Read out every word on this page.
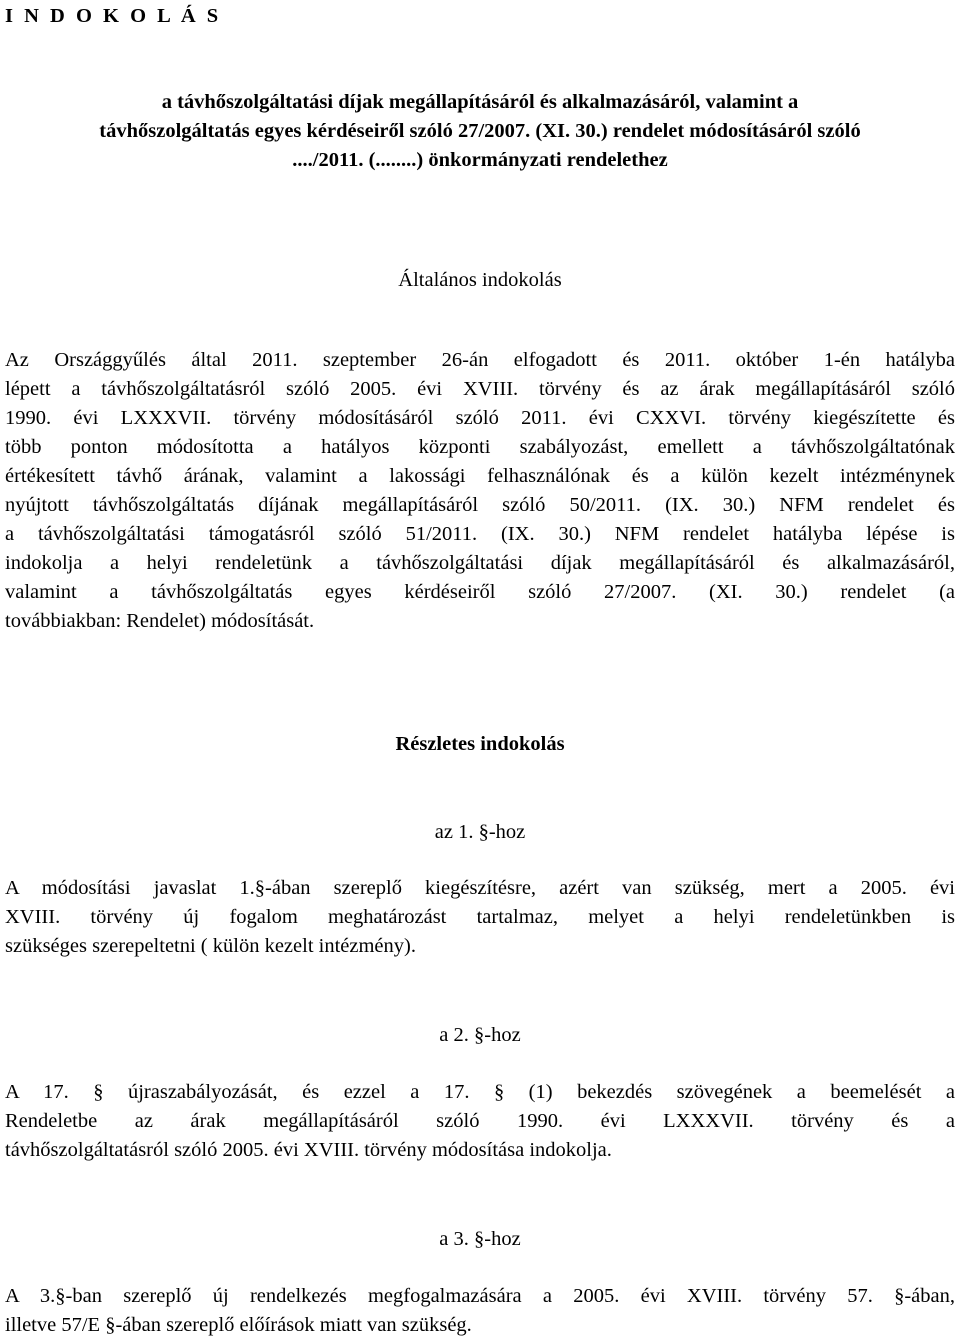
I N D O K O L Á S
a távhőszolgáltatási díjak megállapításáról és alkalmazásáról, valamint a
távhőszolgáltatás egyes kérdéseiről szóló 27/2007. (XI. 30.) rendelet módosításáról szóló
..../2011. (........) önkormányzati rendelethez
Általános indokolás
Az Országgyűlés által 2011. szeptember 26-án elfogadott és 2011. október 1-én hatályba
lépett a távhőszolgáltatásról szóló 2005. évi XVIII. törvény és az árak megállapításáról szóló
1990. évi LXXXVII. törvény módosításáról szóló 2011. évi CXXVI. törvény kiegészítette és
több ponton módosította a hatályos központi szabályozást, emellett a távhőszolgáltatónak
értékesített távhő árának, valamint a lakossági felhasználónak és a külön kezelt intézménynek
nyújtott távhőszolgáltatás díjának megállapításáról szóló 50/2011. (IX. 30.) NFM rendelet és
a távhőszolgáltatási támogatásról szóló 51/2011. (IX. 30.) NFM rendelet hatályba lépése is
indokolja a helyi rendeletünk a távhőszolgáltatási díjak megállapításáról és alkalmazásáról,
valamint a távhőszolgáltatás egyes kérdéseiről szóló 27/2007. (XI. 30.) rendelet (a
továbbiakban: Rendelet) módosítását.
Részletes indokolás
az 1. §-hoz
A módosítási javaslat 1.§-ában szereplő kiegészítésre, azért van szükség, mert a 2005. évi
XVIII. törvény új fogalom meghatározást tartalmaz, melyet a helyi rendeletünkben is
szükséges szerepeltetni ( külön kezelt intézmény).
a 2. §-hoz
A 17. § újraszabályozását, és ezzel a 17. § (1) bekezdés szövegének a beemelését a
Rendeletbe az árak megállapításáról szóló 1990. évi LXXXVII. törvény és a
távhőszolgáltatásról szóló 2005. évi XVIII. törvény módosítása indokolja.
a 3. §-hoz
A 3.§-ban szereplő új rendelkezés megfogalmazására a 2005. évi XVIII. törvény 57. §-ában,
illetve 57/E §-ában szereplő előírások miatt van szükség.
